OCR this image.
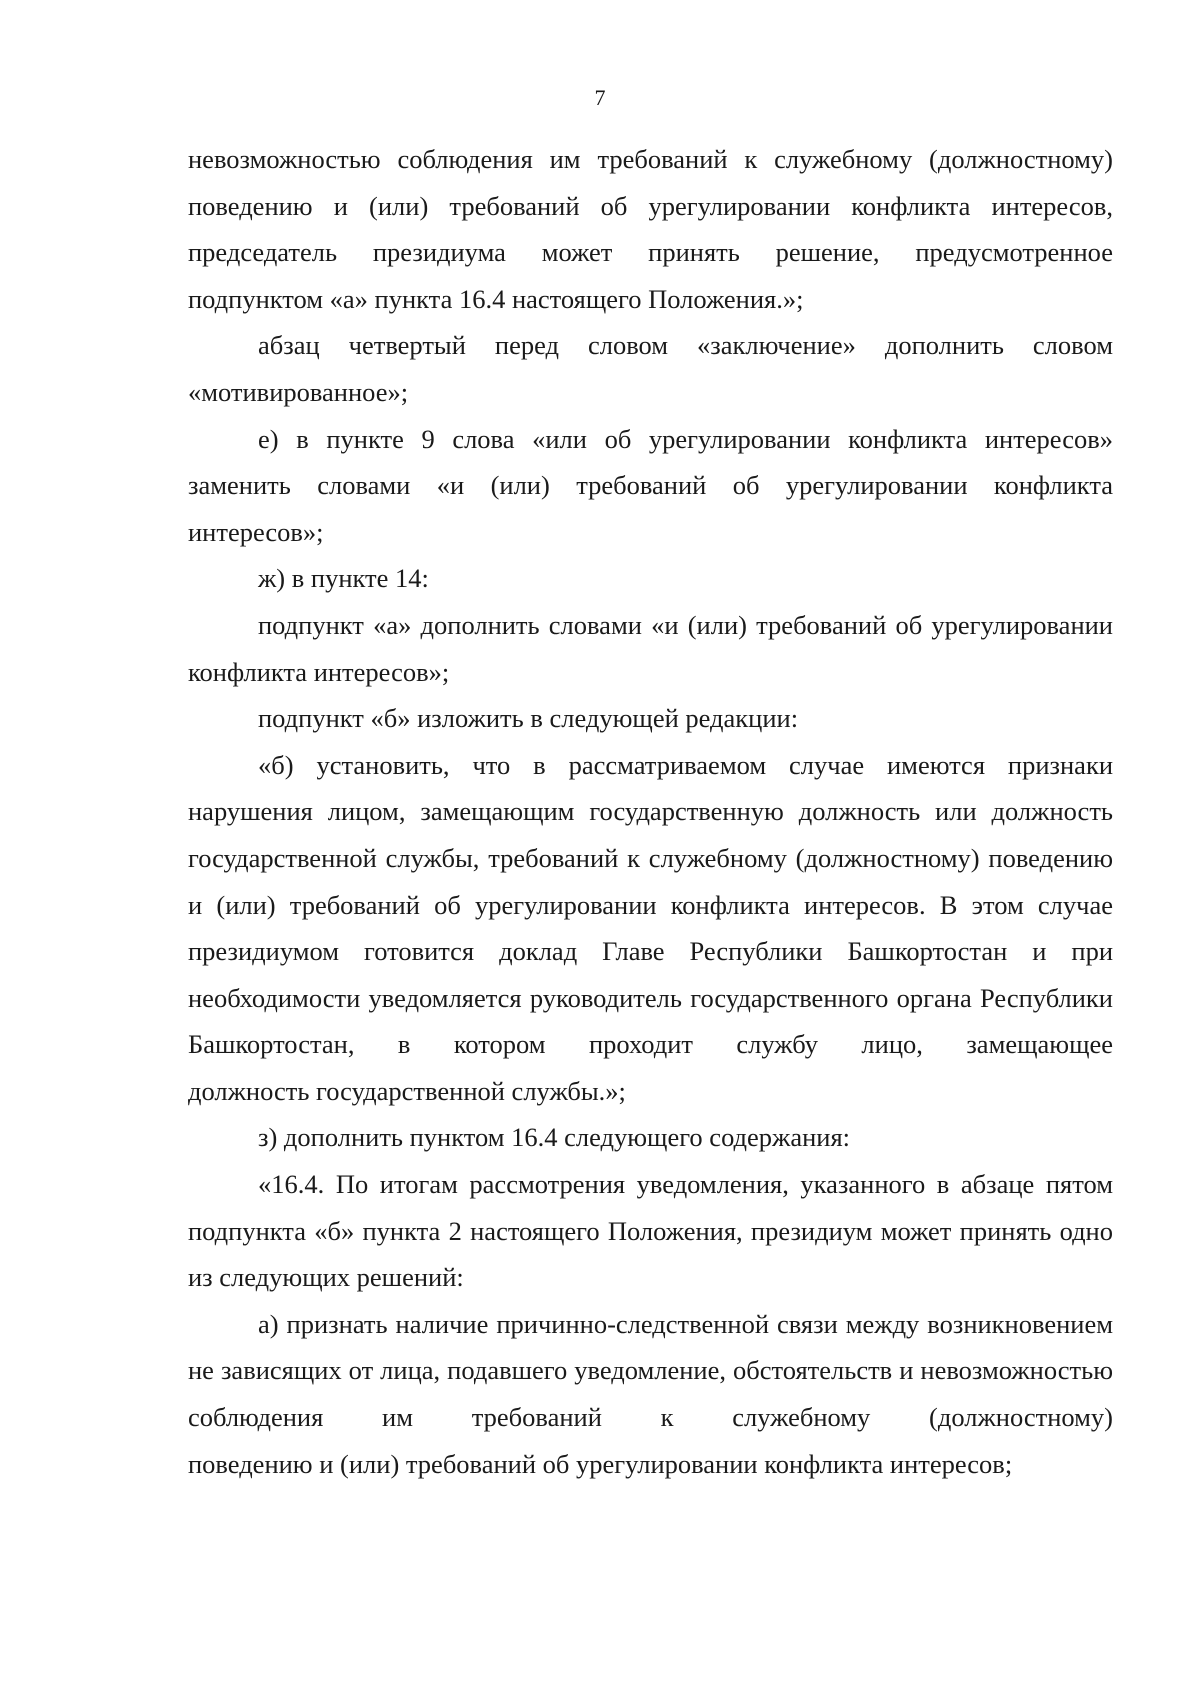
7

невозможностью соблюдения им требований к служебному (должностному) поведению и (или) требований об урегулировании конфликта интересов, председатель президиума может принять решение, предусмотренное
подпунктом «а» пункта 16.4 настоящего Положения.»;

абзац четвертый перед словом «заключение» дополнить словом
«мотивированное»;

е) в пункте 9 слова «или об урегулировании конфликта интересов» заменить словами «и (или) требований об урегулировании конфликта
интересов»;

ж) в пункте 14:

подпункт «а» дополнить словами «и (или) требований об урегулировании
конфликта интересов»;

подпункт «б» изложить в следующей редакции:

«б) установить, что в рассматриваемом случае имеются признаки нарушения лицом, замещающим государственную должность или должность государственной службы, требований к служебному (должностному) поведению и (или) требований об урегулировании конфликта интересов. В этом случае президиумом готовится доклад Главе Республики Башкортостан и при необходимости уведомляется руководитель государственного органа Республики Башкортостан, в котором проходит службу лицо, замещающее
должность государственной службы.»;

з) дополнить пунктом 16.4 следующего содержания:

«16.4. По итогам рассмотрения уведомления, указанного в абзаце пятом подпункта «б» пункта 2 настоящего Положения, президиум может принять одно
из следующих решений:

а) признать наличие причинно-следственной связи между возникновением не зависящих от лица, подавшего уведомление, обстоятельств и невозможностью соблюдения им требований к служебному (должностному)
поведению и (или) требований об урегулировании конфликта интересов;
